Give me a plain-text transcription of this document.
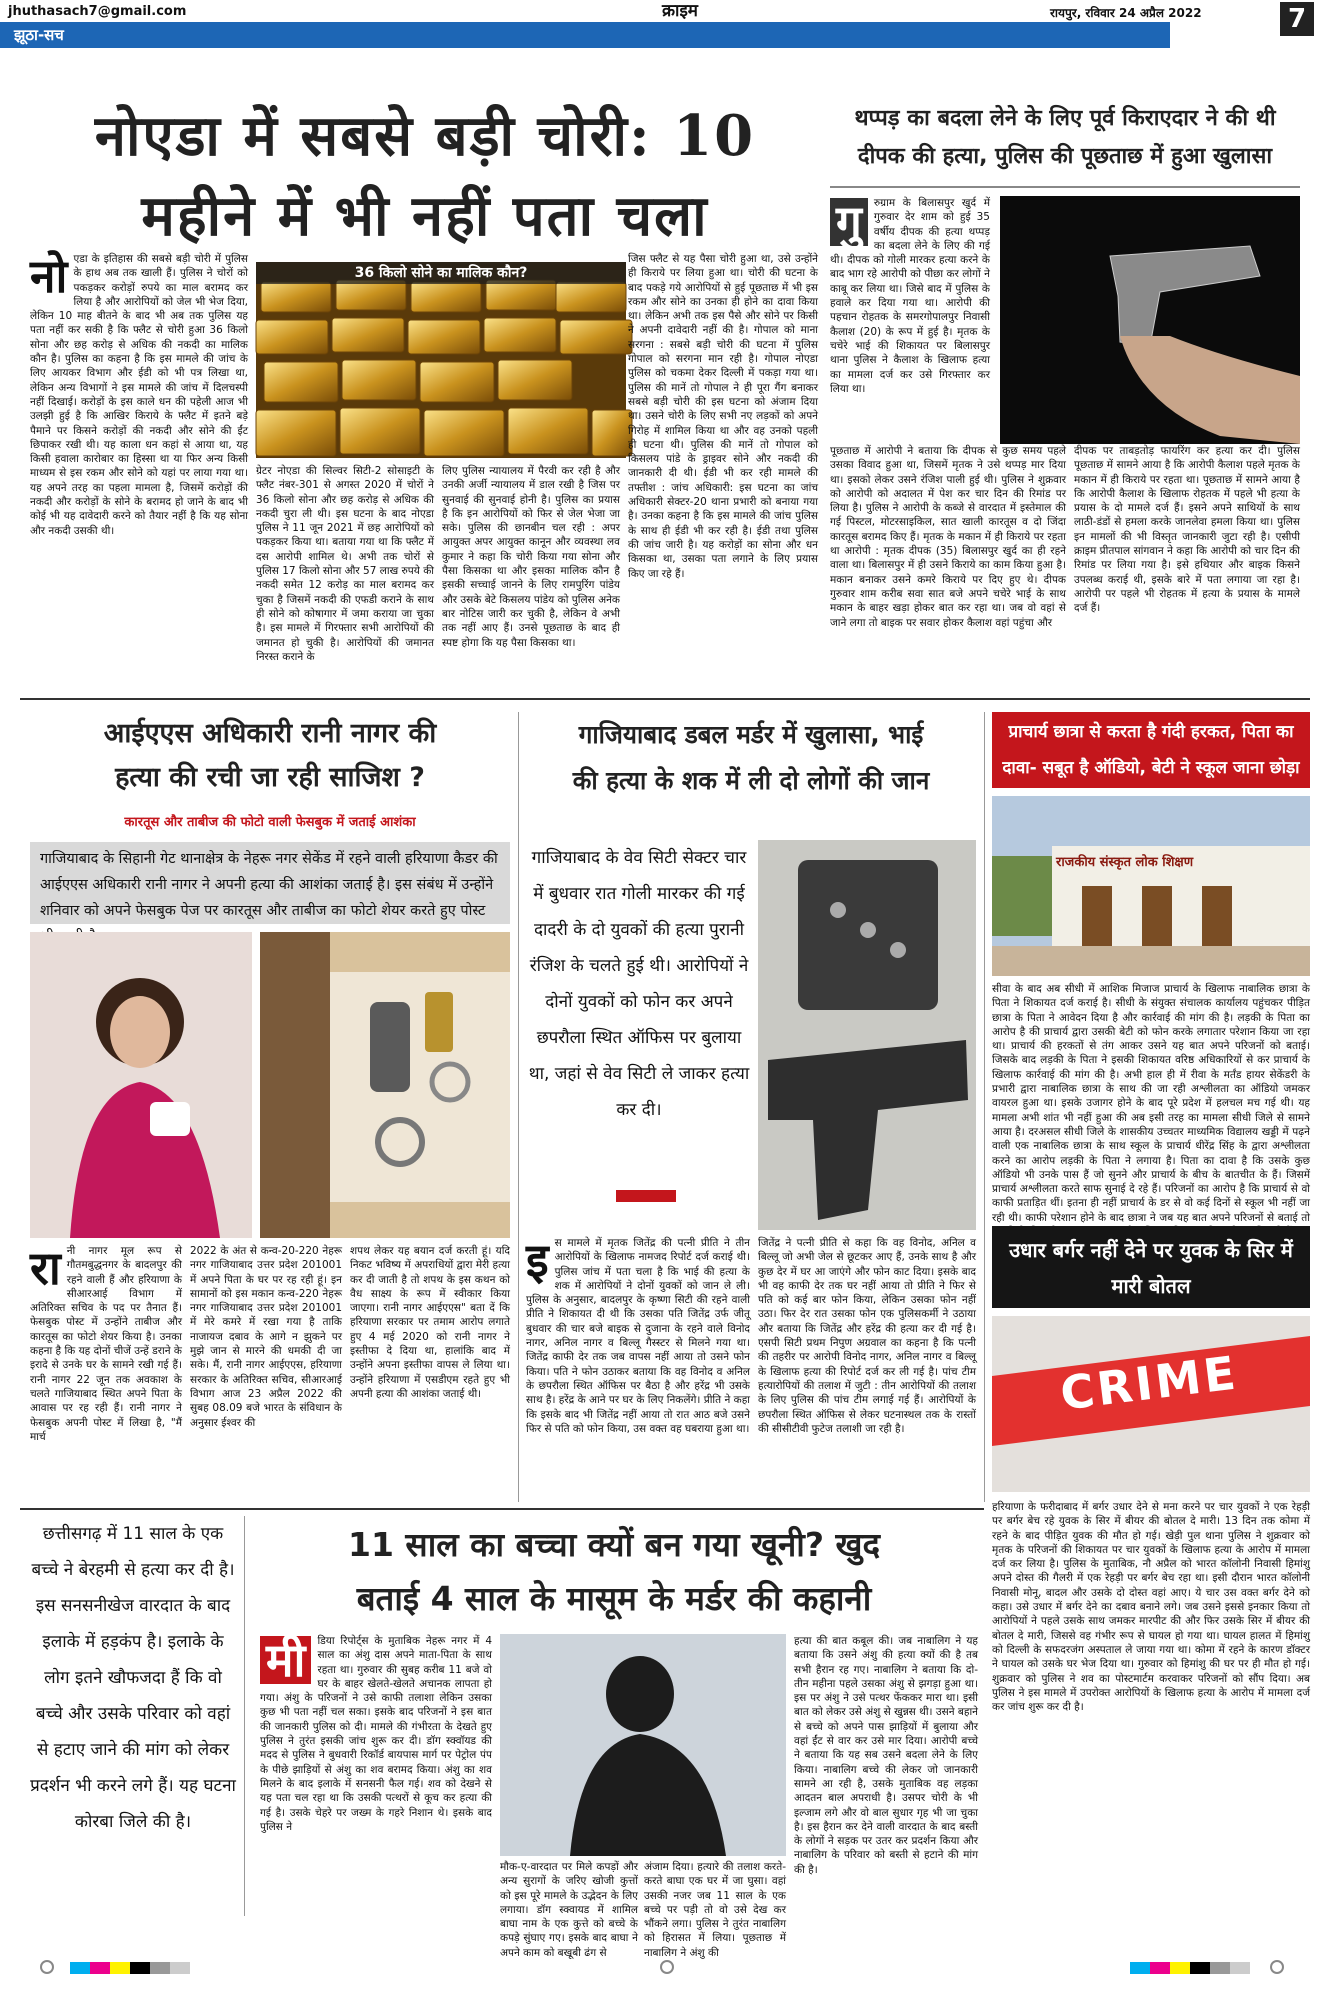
jhuthasach7@gmail.com
झूठा-सच
क्राइम	रायपुर, रविवार 24 अप्रैल 2022	7
नोएडा में सबसे बड़ी चोरी: 10
महीने में भी नहीं पता चला
नोएडा के इतिहास की सबसे बड़ी चोरी में पुलिस के हाथ अब तक खाली हैं। पुलिस ने चोरों को पकड़कर करोड़ों रुपये का माल बरामद कर लिया है और आरोपियों को जेल भी भेज दिया, लेकिन 10 माह बीतने के बाद भी अब तक पुलिस यह पता नहीं कर सकी है कि फ्लैट से चोरी हुआ 36 किलो सोना और छह करोड़ से अधिक की नकदी का मालिक कौन है। पुलिस का कहना है कि इस मामले की जांच के लिए आयकर विभाग और ईडी को भी पत्र लिखा था, लेकिन अन्य विभागों ने इस मामले की जांच में दिलचस्पी नहीं दिखाई। करोड़ों के इस काले धन की पहेली आज भी उलझी हुई है कि आखिर किराये के फ्लैट में इतने बड़े पैमाने पर किसने करोड़ों की नकदी और सोने की ईंट छिपाकर रखी थी। यह काला धन कहां से आया था, यह किसी हवाला कारोबार का हिस्सा था या फिर अन्य किसी माध्यम से इस रकम और सोने को यहां पर लाया गया था। यह अपने तरह का पहला मामला है, जिसमें करोड़ों की नकदी और करोड़ों के सोने के बरामद हो जाने के बाद भी कोई भी यह दावेदारी करने को तैयार नहीं है कि यह सोना और नकदी उसकी थी।
36 किलो सोने का मालिक कौन?
ग्रेटर नोएडा की सिल्वर सिटी-2 सोसाइटी के फ्लैट नंबर-301 से अगस्त 2020 में चोरों ने 36 किलो सोना और छह करोड़ से अधिक की नकदी चुरा ली थी। इस घटना के बाद नोएडा पुलिस ने 11 जून 2021 में छह आरोपियों को पकड़कर किया था। बताया गया था कि फ्लैट में दस आरोपी शामिल थे। अभी तक चोरों से पुलिस 17 किलो सोना और 57 लाख रुपये की नकदी समेत 12 करोड़ का माल बरामद कर चुका है जिसमें नकदी की एफडी कराने के साथ ही सोने को कोषागार में जमा कराया जा चुका है। इस मामले में गिरफ्तार सभी आरोपियों की जमानत हो चुकी है। आरोपियों की जमानत निरस्त कराने के
लिए पुलिस न्यायालय में पैरवी कर रही है और उनकी अर्जी न्यायालय में डाल रखी है जिस पर सुनवाई की सुनवाई होनी है। पुलिस का प्रयास है कि इन आरोपियों को फिर से जेल भेजा जा सके। पुलिस की छानबीन चल रही : अपर आयुक्त अपर आयुक्त कानून और व्यवस्था लव कुमार ने कहा कि चोरी किया गया सोना और पैसा किसका था और इसका मालिक कौन है इसकी सच्चाई जानने के लिए रामपुरिंग पांडेय और उसके बेटे किसलय पांडेय को पुलिस अनेक बार नोटिस जारी कर चुकी है, लेकिन वे अभी तक नहीं आए हैं। उनसे पूछताछ के बाद ही स्पष्ट होगा कि यह पैसा किसका था।
जिस फ्लैट से यह पैसा चोरी हुआ था, उसे उन्होंने ही किराये पर लिया हुआ था। चोरी की घटना के बाद पकड़े गये आरोपियों से हुई पूछताछ में भी इस रकम और सोने का उनका ही होने का दावा किया था। लेकिन अभी तक इस पैसे और सोने पर किसी ने अपनी दावेदारी नहीं की है। गोपाल को माना सरगना : सबसे बड़ी चोरी की घटना में पुलिस गोपाल को सरगना मान रही है। गोपाल नोएडा पुलिस को चकमा देकर दिल्ली में पकड़ा गया था। पुलिस की मानें तो गोपाल ने ही पूरा गैंग बनाकर सबसे बड़ी चोरी की इस घटना को अंजाम दिया था। उसने चोरी के लिए सभी नए लड़कों को अपने गिरोह में शामिल किया था और वह उनको पहली ही घटना थी। पुलिस की मानें तो गोपाल को किसलय पांडे के ड्राइवर सोने और नकदी की जानकारी दी थी। ईडी भी कर रही मामले की तफ्तीश : जांच अधिकारी: इस घटना का जांच अधिकारी सेक्टर-20 थाना प्रभारी को बनाया गया है। उनका कहना है कि इस मामले की जांच पुलिस के साथ ही ईडी भी कर रही है। ईडी तथा पुलिस की जांच जारी है। यह करोड़ों का सोना और धन किसका था, उसका पता लगाने के लिए प्रयास किए जा रहे हैं।
थप्पड़ का बदला लेने के लिए पूर्व किराएदार ने की थी दीपक की हत्या, पुलिस की पूछताछ में हुआ खुलासा
गु	रुग्राम के बिलासपुर खुर्द में गुरुवार देर शाम को हुई 35 वर्षीय दीपक की हत्या थप्पड़ का बदला लेने के लिए की गई थी। दीपक को गोली मारकर हत्या करने के बाद भाग रहे आरोपी को पीछा कर लोगों ने काबू कर लिया था। जिसे बाद में पुलिस के हवाले कर दिया गया था। आरोपी की पहचान रोहतक के समरगोपालपुर निवासी कैलाश (20) के रूप में हुई है। मृतक के चचेरे भाई की शिकायत पर बिलासपुर थाना पुलिस ने कैलाश के खिलाफ हत्या का मामला दर्ज कर उसे गिरफ्तार कर लिया था।
पूछताछ में आरोपी ने बताया कि दीपक से कुछ समय पहले उसका विवाद हुआ था, जिसमें मृतक ने उसे थप्पड़ मार दिया था। इसको लेकर उसने रंजिश पाली हुई थी। पुलिस ने शुक्रवार को आरोपी को अदालत में पेश कर चार दिन की रिमांड पर लिया है। पुलिस ने आरोपी के कब्जे से वारदात में इस्तेमाल की गई पिस्टल, मोटरसाइकिल, सात खाली कारतूस व दो जिंदा कारतूस बरामद किए हैं। मृतक के मकान में ही किराये पर रहता था आरोपी : मृतक दीपक (35) बिलासपुर खुर्द का ही रहने वाला था। बिलासपुर में ही उसने किराये का काम किया हुआ है। मकान बनाकर उसने कमरे किराये पर दिए हुए थे। दीपक गुरुवार शाम करीब सवा सात बजे अपने चचेरे भाई के साथ मकान के बाहर खड़ा होकर बात कर रहा था। जब वो वहां से जाने लगा तो बाइक पर सवार होकर कैलाश वहां पहुंचा और
दीपक पर ताबड़तोड़ फायरिंग कर हत्या कर दी। पुलिस पूछताछ में सामने आया है कि आरोपी कैलाश पहले मृतक के मकान में ही किराये पर रहता था। पूछताछ में सामने आया है कि आरोपी कैलाश के खिलाफ रोहतक में पहले भी हत्या के प्रयास के दो मामले दर्ज हैं। इसने अपने साथियों के साथ लाठी-डंडों से हमला करके जानलेवा हमला किया था। पुलिस इन मामलों की भी विस्तृत जानकारी जुटा रही है। एसीपी क्राइम प्रीतपाल सांगवान ने कहा कि आरोपी को चार दिन की रिमांड पर लिया गया है। इसे हथियार और बाइक किसने उपलब्ध कराई थी, इसके बारे में पता लगाया जा रहा है। आरोपी पर पहले भी रोहतक में हत्या के प्रयास के मामले दर्ज हैं।
आईएएस अधिकारी रानी नागर की
हत्या की रची जा रही साजिश ?
कारतूस और ताबीज की फोटो वाली फेसबुक में जताई आशंका
गाजियाबाद के सिहानी गेट थानाक्षेत्र के नेहरू नगर सेकेंड में रहने वाली हरियाणा कैडर की आईएएस अधिकारी रानी नागर ने अपनी हत्या की आशंका जताई है। इस संबंध में उन्होंने शनिवार को अपने फेसबुक पेज पर कारतूस और ताबीज का फोटो शेयर करते हुए पोस्ट
रानी नागर मूल रूप से गौतमबुद्धनगर के बादलपुर की रहने वाली हैं और हरियाणा के सीआरआई विभाग में अतिरिक्त सचिव के पद पर तैनात हैं। फेसबुक पोस्ट में उन्होंने ताबीज और कारतूस का फोटो शेयर किया है। उनका कहना है कि यह दोनों चीजें उन्हें डराने के इरादे से उनके घर के सामने रखी गई हैं। रानी नागर 22 जून तक अवकाश के चलते गाजियाबाद स्थित अपने पिता के आवास पर रह रही हैं। रानी नागर ने फेसबुक अपनी पोस्ट में लिखा है, "मैं मार्च
2022 के अंत से कन्व-20-220 नेहरू नगर गाजियाबाद उत्तर प्रदेश 201001 में अपने पिता के घर पर रह रही हूं। इन सामानों को इस मकान कन्व-220 नेहरू नगर गाजियाबाद उत्तर प्रदेश 201001 में मेरे कमरे में रखा गया है ताकि नाजायज दबाव के आगे न झुकने पर मुझे जान से मारने की धमकी दी जा सके। मैं, रानी नागर आईएएस, हरियाणा सरकार के अतिरिक्त सचिव, सीआरआई विभाग आज 23 अप्रैल 2022 की सुबह 08.09 बजे भारत के संविधान के अनुसार ईश्वर की
शपथ लेकर यह बयान दर्ज करती हूं। यदि निकट भविष्य में अपराधियों द्वारा मेरी हत्या कर दी जाती है तो शपथ के इस कथन को वैध साक्ष्य के रूप में स्वीकार किया जाएगा। रानी नागर आईएएस" बता दें कि हरियाणा सरकार पर तमाम आरोप लगाते हुए 4 मई 2020 को रानी नागर ने इस्तीफा दे दिया था, हालांकि बाद में उन्होंने अपना इस्तीफा वापस ले लिया था। उन्होंने हरियाणा में एसडीएम रहते हुए भी अपनी हत्या की आशंका जताई थी।
गाजियाबाद डबल मर्डर में खुलासा, भाई
की हत्या के शक में ली दो लोगों की जान
गाजियाबाद के वेव सिटी सेक्टर चार में बुधवार रात गोली मारकर की गई दादरी के दो युवकों की हत्या पुरानी रंजिश के चलते हुई थी। आरोपियों ने दोनों युवकों को फोन कर अपने छपरौला स्थित ऑफिस पर बुलाया था, जहां से वेव सिटी ले जाकर हत्या कर दी।
इस मामले में मृतक जितेंद्र की पत्नी प्रीति ने तीन आरोपियों के खिलाफ नामजद रिपोर्ट दर्ज कराई थी। पुलिस जांच में पता चला है कि भाई की हत्या के शक में आरोपियों ने दोनों युवकों को जान ले ली। पुलिस के अनुसार, बादलपुर के कृष्णा सिटी की रहने वाली प्रीति ने शिकायत दी थी कि उसका पति जितेंद्र उर्फ जीतू बुधवार की चार बजे बाइक से दुजाना के रहने वाले विनोद नागर, अनिल नागर व बिल्लू गैस्स्टर से मिलने गया था। जितेंद्र काफी देर तक जब वापस नहीं आया तो उसने फोन किया। पति ने फोन उठाकर बताया कि वह विनोद व अनिल के छपरौला स्थित ऑफिस पर बैठा है और हरेंद्र भी उसके साथ है। हरेंद्र के आने पर घर के लिए निकलेंगे। प्रीति ने कहा कि इसके बाद भी जितेंद्र नहीं आया तो रात आठ बजे उसने फिर से पति को फोन किया, उस वक्त वह घबराया हुआ था।
जितेंद्र ने पत्नी प्रीति से कहा कि वह विनोद, अनिल व बिल्लू जो अभी जेल से छूटकर आए हैं, उनके साथ है और कुछ देर में घर आ जाएंगे और फोन काट दिया। इसके बाद भी वह काफी देर तक घर नहीं आया तो प्रीति ने फिर से पति को कई बार फोन किया, लेकिन उसका फोन नहीं उठा। फिर देर रात उसका फोन एक पुलिसकर्मी ने उठाया और बताया कि जितेंद्र और हरेंद्र की हत्या कर दी गई है। एसपी सिटी प्रथम निपुण अग्रवाल का कहना है कि पत्नी की तहरीर पर आरोपी विनोद नागर, अनिल नागर व बिल्लू के खिलाफ हत्या की रिपोर्ट दर्ज कर ली गई है। पांच टीम हत्यारोपियों की तलाश में जुटी : तीन आरोपियों की तलाश के लिए पुलिस की पांच टीम लगाई गई हैं। आरोपियों के छपरौला स्थित ऑफिस से लेकर घटनास्थल तक के रास्तों की सीसीटीवी फुटेज तलाशी जा रही है।
प्राचार्य छात्रा से करता है गंदी हरकत, पिता का दावा- सबूत है ऑडियो, बेटी ने स्कूल जाना छोड़ा
राजकीय संस्कृत लोक शिक्षण
सीवा के बाद अब सीधी में आशिक मिजाज प्राचार्य के खिलाफ नाबालिक छात्रा के पिता ने शिकायत दर्ज कराई है। सीधी के संयुक्त संचालक कार्यालय पहुंचकर पीड़ित छात्रा के पिता ने आवेदन दिया है और कार्रवाई की मांग की है। लड़की के पिता का आरोप है की प्राचार्य द्वारा उसकी बेटी को फोन करके लगातार परेशान किया जा रहा था। प्राचार्य की हरकतों से तंग आकर उसने यह बात अपने परिजनों को बताई। जिसके बाद लड़की के पिता ने इसकी शिकायत वरिष्ठ अधिकारियों से कर प्राचार्य के खिलाफ कार्रवाई की मांग की है। अभी हाल ही में रीवा के मर्तंड हायर सेकेंडरी के प्रभारी द्वारा नाबालिक छात्रा के साथ की जा रही अश्लीलता का ऑडियो जमकर वायरल हुआ था। इसके उजागर होने के बाद पूरे प्रदेश में हलचल मच गई थी। यह मामला अभी शांत भी नहीं हुआ की अब इसी तरह का मामला सीधी जिले से सामने आया है। दरअसल सीधी जिले के शासकीय उच्चतर माध्यमिक विद्यालय खड्डी में पढ़ने वाली एक नाबालिक छात्रा के साथ स्कूल के प्राचार्य धीरेंद्र सिंह के द्वारा अश्लीलता करने का आरोप लड़की के पिता ने लगाया है। पिता का दावा है कि उसके कुछ ऑडियो भी उनके पास हैं जो सुनने और प्राचार्य के बीच के बातचीत के हैं। जिसमें प्राचार्य अश्लीलता करते साफ सुनाई दे रहे हैं। परिजनों का आरोप है कि प्राचार्य से वो काफी प्रताड़ित थीं। इतना ही नहीं प्राचार्य के डर से वो कई दिनों से स्कूल भी नहीं जा रही थी। काफी परेशान होने के बाद छात्रा ने जब यह बात अपने परिजनों से बताई तो
उधार बर्गर नहीं देने पर युवक के सिर में मारी बोतल
CRIME
हरियाणा के फरीदाबाद में बर्गर उधार देने से मना करने पर चार युवकों ने एक रेहड़ी पर बर्गर बेच रहे युवक के सिर में बीयर की बोतल दे मारी। 13 दिन तक कोमा में रहने के बाद पीड़ित युवक की मौत हो गई। खेड़ी पुल थाना पुलिस ने शुक्रवार को मृतक के परिजनों की शिकायत पर चार युवकों के खिलाफ हत्या के आरोप में मामला दर्ज कर लिया है। पुलिस के मुताबिक, नौ अप्रैल को भारत कॉलोनी निवासी हिमांशु अपने दोस्त की गैलरी में एक रेहड़ी पर बर्गर बेच रहा था। इसी दौरान भारत कॉलोनी निवासी मोनू, बादल और उसके दो दोस्त वहां आए। ये चार उस वक्त बर्गर देने को कहा। उसे उधार में बर्गर देने का दबाव बनाने लगे। जब उसने इससे इनकार किया तो आरोपियों ने पहले उसके साथ जमकर मारपीट की और फिर उसके सिर में बीयर की बोतल दे मारी, जिससे वह गंभीर रूप से घायल हो गया था। घायल हालत में हिमांशु को दिल्ली के सफदरजंग अस्पताल ले जाया गया था। कोमा में रहने के कारण डॉक्टर ने घायल को उसके घर भेज दिया था। गुरुवार को हिमांशु की घर पर ही मौत हो गई। शुक्रवार को पुलिस ने शव का पोस्टमार्टम करवाकर परिजनों को सौंप दिया। अब पुलिस ने इस मामले में उपरोक्त आरोपियों के खिलाफ हत्या के आरोप में मामला दर्ज कर जांच शुरू कर दी है।
छत्तीसगढ़ में 11 साल के एक बच्चे ने बेरहमी से हत्या कर दी है। इस सनसनीखेज वारदात के बाद इलाके में हड़कंप है। इलाके के लोग इतने खौफजदा हैं कि वो बच्चे और उसके परिवार को वहां से हटाए जाने की मांग को लेकर प्रदर्शन भी करने लगे हैं। यह घटना कोरबा जिले की है।
11 साल का बच्चा क्यों बन गया खूनी? खुद
बताई 4 साल के मासूम के मर्डर की कहानी
मी	डिया रिपोर्ट्स के मुताबिक नेहरू नगर में 4 साल का अंशु दास अपने माता-पिता के साथ रहता था। गुरुवार की सुबह करीब 11 बजे वो घर के बाहर खेलते-खेलते अचानक लापता हो गया। अंशु के परिजनों ने उसे काफी तलाशा लेकिन उसका कुछ भी पता नहीं चल सका। इसके बाद परिजनों ने इस बात की जानकारी पुलिस को दी। मामले की गंभीरता के देखते हुए पुलिस ने तुरंत इसकी जांच शुरू कर दी। डॉग स्क्वॉयड की मदद से पुलिस ने बुधवारी रिकॉर्ड बायपास मार्ग पर पेट्रोल पंप के पीछे झाड़ियों से अंशु का शव बरामद किया। अंशु का शव मिलने के बाद इलाके में सनसनी फैल गई। शव को देखने से यह पता चल रहा था कि उसकी पत्थरों से कूच कर हत्या की गई है। उसके चेहरे पर जख्म के गहरे निशान थे। इसके बाद पुलिस ने
मौक-ए-वारदात पर मिले कपड़ों और अन्य सुरागों के जरिए खोजी कुत्तों को इस पूरे मामले के उद्भेदन के लिए लगाया। डॉग स्क्वायड में शामिल बाघा नाम के एक कुत्ते को बच्चे के कपड़े सुंघाए गए। इसके बाद बाघा ने अपने काम को बखूबी ढंग से
अंजाम दिया। हत्यारे की तलाश करते-करते बाघा एक घर में जा घुसा। वहां उसकी नजर जब 11 साल के एक बच्चे पर पड़ी तो वो उसे देख कर भौंकने लगा। पुलिस ने तुरंत नाबालिग को हिरासत में लिया। पूछताछ में नाबालिग ने अंशु की
हत्या की बात कबूल की। जब नाबालिग ने यह बताया कि उसने अंशु की हत्या क्यों की है तब सभी हैरान रह गए। नाबालिग ने बताया कि दो-तीन महीना पहले उसका अंशु से झगड़ा हुआ था। इस पर अंशु ने उसे पत्थर फेंककर मारा था। इसी बात को लेकर उसे अंशु से खुन्नस थी। उसने बहाने से बच्चे को अपने पास झाड़ियों में बुलाया और वहां ईंट से वार कर उसे मार दिया। आरोपी बच्चे ने बताया कि यह सब उसने बदला लेने के लिए किया। नाबालिग बच्चे की लेकर जो जानकारी सामने आ रही है, उसके मुताबिक वह लड़का आदतन बाल अपराधी है। उसपर चोरी के भी इल्जाम लगे और वो बाल सुधार गृह भी जा चुका है। इस हैरान कर देने वाली वारदात के बाद बस्ती के लोगों ने सड़क पर उतर कर प्रदर्शन किया और नाबालिग के परिवार को बस्ती से हटाने की मांग की है।
